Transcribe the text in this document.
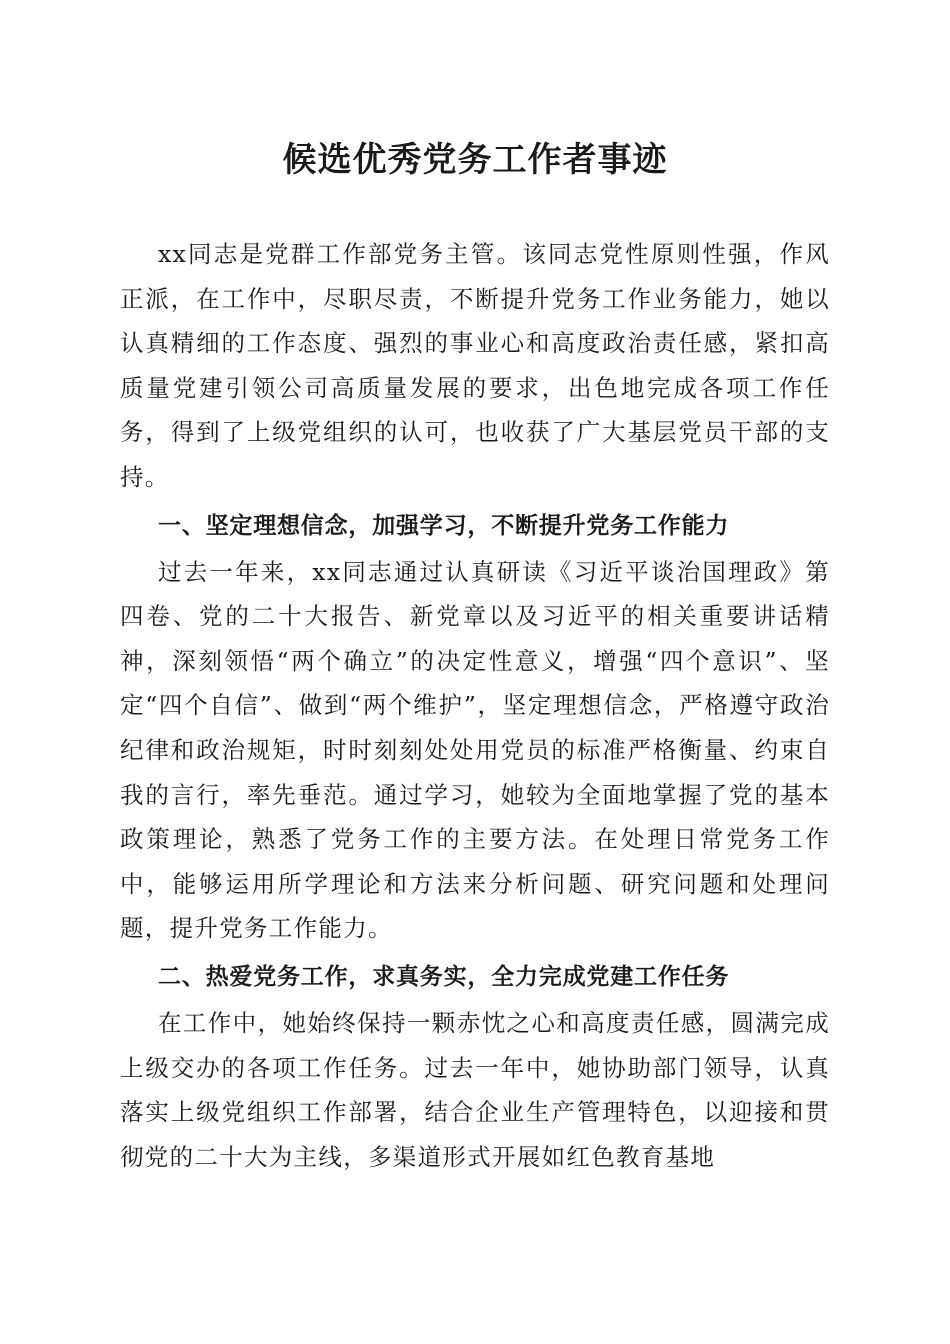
候选优秀党务工作者事迹

xx同志是党群工作部党务主管。该同志党性原则性强，作风正派，在工作中，尽职尽责，不断提升党务工作业务能力，她以认真精细的工作态度、强烈的事业心和高度政治责任感，紧扣高质量党建引领公司高质量发展的要求，出色地完成各项工作任务，得到了上级党组织的认可，也收获了广大基层党员干部的支持。

一、坚定理想信念，加强学习，不断提升党务工作能力

过去一年来，xx同志通过认真研读《习近平谈治国理政》第四卷、党的二十大报告、新党章以及习近平的相关重要讲话精神，深刻领悟“两个确立”的决定性意义，增强“四个意识”、坚定“四个自信”、做到“两个维护”，坚定理想信念，严格遵守政治纪律和政治规矩，时时刻刻处处用党员的标准严格衡量、约束自我的言行，率先垂范。通过学习，她较为全面地掌握了党的基本政策理论，熟悉了党务工作的主要方法。在处理日常党务工作中，能够运用所学理论和方法来分析问题、研究问题和处理问题，提升党务工作能力。

二、热爱党务工作，求真务实，全力完成党建工作任务

在工作中，她始终保持一颗赤忱之心和高度责任感，圆满完成上级交办的各项工作任务。过去一年中，她协助部门领导，认真落实上级党组织工作部署，结合企业生产管理特色，以迎接和贯彻党的二十大为主线，多渠道形式开展如红色教育基地
